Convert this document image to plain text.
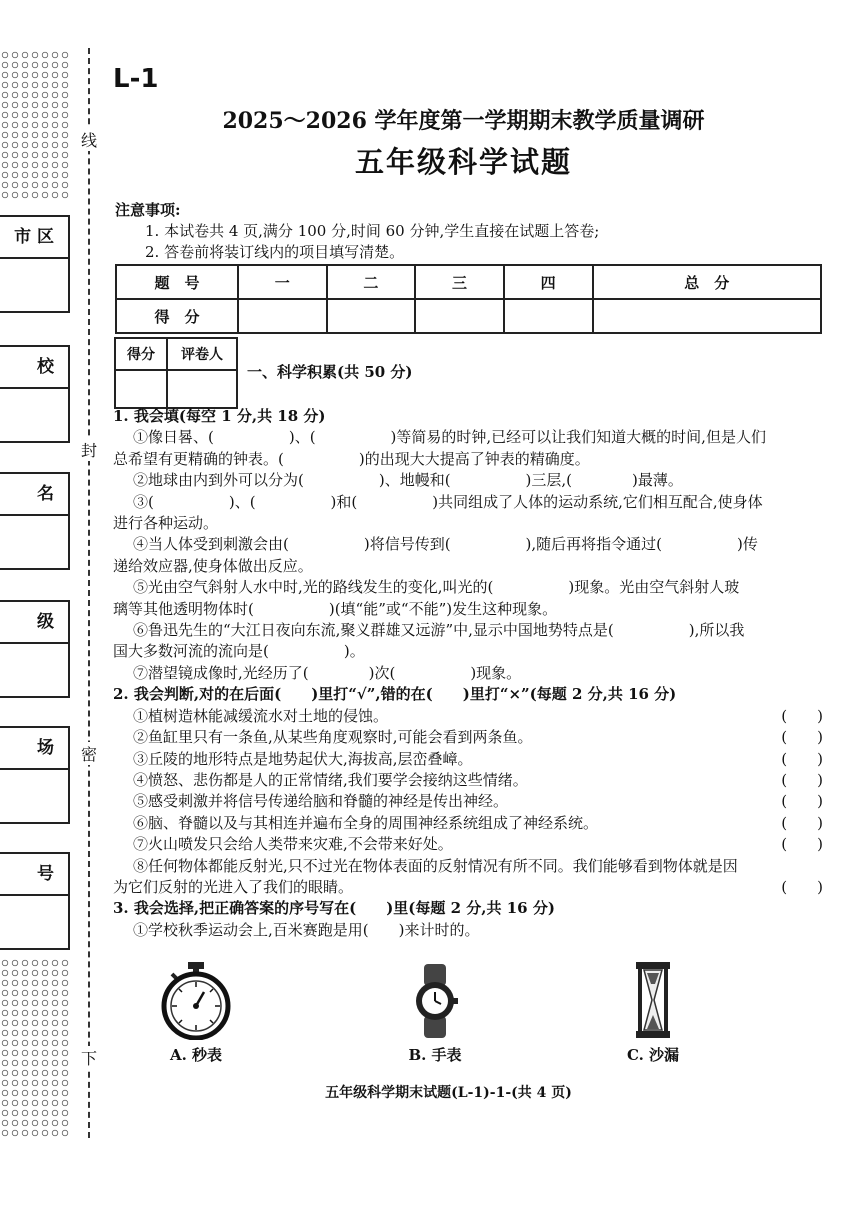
市 区
校
名
级
场
号
线
封
密
下
L-1
2025～2026 学年度第一学期期末教学质量调研
五年级科学试题
注意事项:
1. 本试卷共 4 页,满分 100 分,时间 60 分钟,学生直接在试题上答卷;
2. 答卷前将装订线内的项目填写清楚。
题　号	一	二	三	四	总　分
得　分					
得分	评卷人

一、科学积累(共 50 分)

1. 我会填(每空 1 分,共 18 分)

①像日晷、(　　　　　)、(　　　　　)等简易的时钟,已经可以让我们知道大概的时间,但是人们

总希望有更精确的钟表。(　　　　　)的出现大大提高了钟表的精确度。

②地球由内到外可以分为(　　　　　)、地幔和(　　　　　)三层,(　　　　)最薄。

③(　　　　　)、(　　　　　)和(　　　　　)共同组成了人体的运动系统,它们相互配合,使身体

进行各种运动。

④当人体受到刺激会由(　　　　　)将信号传到(　　　　　),随后再将指令通过(　　　　　)传

递给效应器,使身体做出反应。

⑤光由空气斜射人水中时,光的路线发生的变化,叫光的(　　　　　)现象。光由空气斜射人玻

璃等其他透明物体时(　　　　　)(填“能”或“不能”)发生这种现象。

⑥鲁迅先生的“大江日夜向东流,聚义群雄又远游”中,显示中国地势特点是(　　　　　),所以我

国大多数河流的流向是(　　　　　)。

⑦潜望镜成像时,光经历了(　　　　)次(　　　　　)现象。

2. 我会判断,对的在后面(　　)里打“√”,错的在(　　)里打“×”(每题 2 分,共 16 分)

①植树造林能减缓流水对土地的侵蚀。	(　　)
②鱼缸里只有一条鱼,从某些角度观察时,可能会看到两条鱼。	(　　)
③丘陵的地形特点是地势起伏大,海拔高,层峦叠嶂。	(　　)
④愤怒、悲伤都是人的正常情绪,我们要学会接纳这些情绪。	(　　)
⑤感受刺激并将信号传递给脑和脊髓的神经是传出神经。	(　　)
⑥脑、脊髓以及与其相连并遍布全身的周围神经系统组成了神经系统。	(　　)
⑦火山喷发只会给人类带来灾难,不会带来好处。	(　　)

⑧任何物体都能反射光,只不过光在物体表面的反射情况有所不同。我们能够看到物体就是因

为它们反射的光进入了我们的眼睛。	(　　)

3. 我会选择,把正确答案的序号写在(　　)里(每题 2 分,共 16 分)

①学校秋季运动会上,百米赛跑是用(　　)来计时的。

A. 秒表	B. 手表	C. 沙漏
五年级科学期末试题(L-1)-1-(共 4 页)
